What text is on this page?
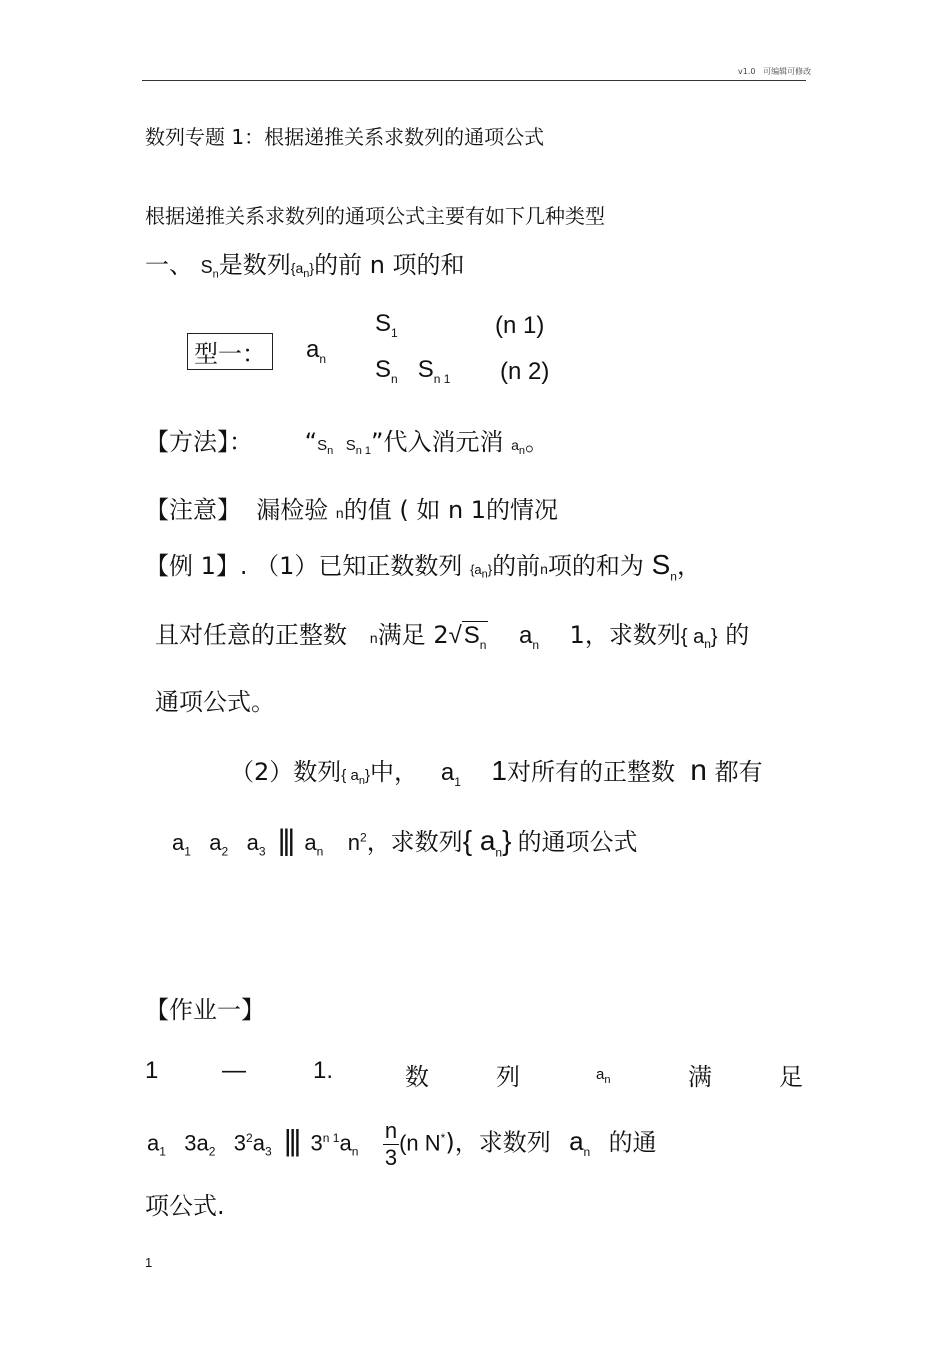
v1.0 可编辑可修改
数列专题 1：根据递推关系求数列的通项公式
根据递推关系求数列的通项公式主要有如下几种类型
一、 $S_n$是数列$\{a_n\}$的前 n 项的和
型一： $a_n$
$S_1$	(n 1)
$S_n$ $S_{n 1}$ (n 2)
【方法】： “$S_n$ $S_{n 1}$”代入消元消 $a_n$。
【注意】 漏检验 n的值 ( 如 n 1的情况
【例 1】. （1）已知正数数列 $\{a_n\}$的前n项的和为 $S_n$，
且对任意的正整数 n满足 $2√S_n$ $a_n$ 1，求数列{ $a_n$} 的
通项公式。
（2）数列{ $a_n$}中， $a_1$ 1对所有的正整数 n 都有
$a_1$ $a_2$ $a_3$ ||| $a_n$ $n^2$，求数列{ $a_n$} 的通项公式
【作业一】
1	—	1.	数	列	$a_n$	满	足
$a_1$ $3a_2$ $3^2a_3$ ||| $3^{n 1}a_n \frac{n}{3} (n$ N*)，求数列 $a_n$ 的通
项公式.
1
